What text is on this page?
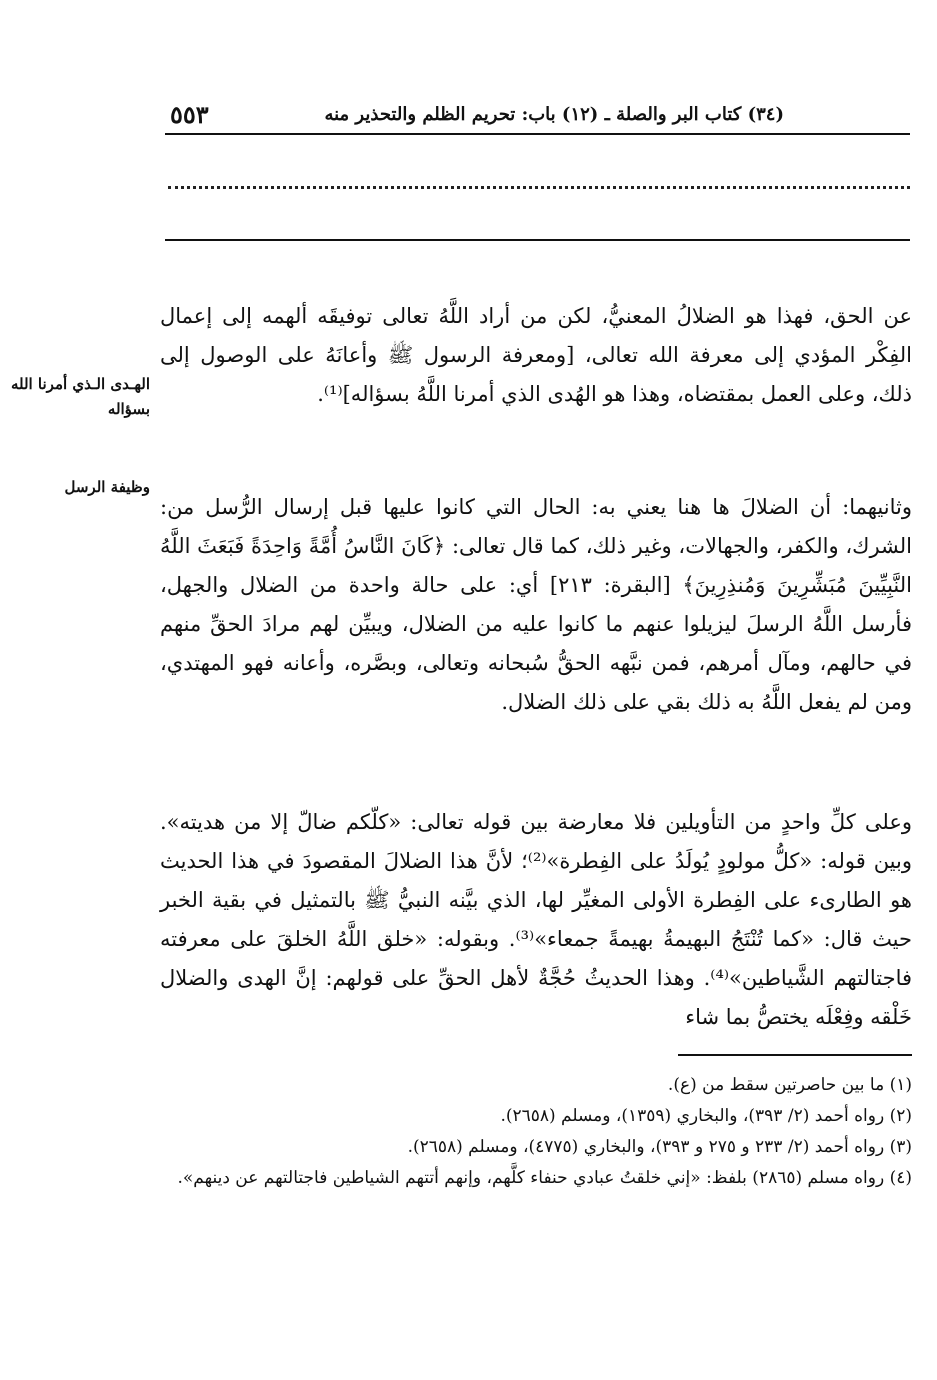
٥٥٣	(٣٤) كتاب البر والصلة ـ (١٢) باب: تحريم الظلم والتحذير منه

عن الحق، فهذا هو الضلالُ المعنيُّ، لكن من أراد اللَّهُ تعالى توفيقَه ألهمه إلى إعمال الفِكْر المؤدي إلى معرفة الله تعالى، [ومعرفة الرسول ﷺ وأعانَهُ على الوصول إلى ذلك، وعلى العمل بمقتضاه، وهذا هو الهُدى الذي أمرنا اللَّهُ بسؤاله]⁽¹⁾.

وثانيهما: أن الضلالَ ها هنا يعني به: الحال التي كانوا عليها قبل إرسال الرُّسل من: الشرك، والكفر، والجهالات، وغير ذلك، كما قال تعالى: ﴿كَانَ النَّاسُ أُمَّةً وَاحِدَةً فَبَعَثَ اللَّهُ النَّبِيِّينَ مُبَشِّرِينَ وَمُنذِرِينَ﴾ [البقرة: ٢١٣] أي: على حالة واحدة من الضلال والجهل، فأرسل اللَّهُ الرسلَ ليزيلوا عنهم ما كانوا عليه من الضلال، ويبيِّن لهم مرادَ الحقِّ منهم في حالهم، ومآل أمرهم، فمن نبَّهه الحقُّ سُبحانه وتعالى، وبصَّره، وأعانه فهو المهتدي، ومن لم يفعل اللَّهُ به ذلك بقي على ذلك الضلال.

وعلى كلِّ واحدٍ من التأويلين فلا معارضة بين قوله تعالى: «كلّكم ضالّ إلا من هديته». وبين قوله: «كلُّ مولودٍ يُولَدُ على الفِطرة»⁽²⁾؛ لأنَّ هذا الضلالَ المقصودَ في هذا الحديث هو الطارىء على الفِطرة الأولى المغيِّر لها، الذي بيَّنه النبيُّ ﷺ بالتمثيل في بقية الخبر حيث قال: «كما تُنْتَجُ البهيمةُ بهيمةً جمعاء»⁽³⁾. وبقوله: «خلق اللَّهُ الخلقَ على معرفته فاجتالتهم الشَّياطين»⁽⁴⁾. وهذا الحديثُ حُجَّةٌ لأهل الحقِّ على قولهم: إنَّ الهدى والضلال خَلْقه وفِعْلَه يختصُّ بما شاء

الهـدى الـذي أمرنا الله بسؤاله
وظيفة الرسل

(١) ما بين حاصرتين سقط من (ع).

(٢) رواه أحمد (٢/ ٣٩٣)، والبخاري (١٣٥٩)، ومسلم (٢٦٥٨).

(٣) رواه أحمد (٢/ ٢٣٣ و ٢٧٥ و ٣٩٣)، والبخاري (٤٧٧٥)، ومسلم (٢٦٥٨).

(٤) رواه مسلم (٢٨٦٥) بلفظ: «إني خلقتُ عبادي حنفاء كلَّهم، وإنهم أتتهم الشياطين فاجتالتهم عن دينهم».
